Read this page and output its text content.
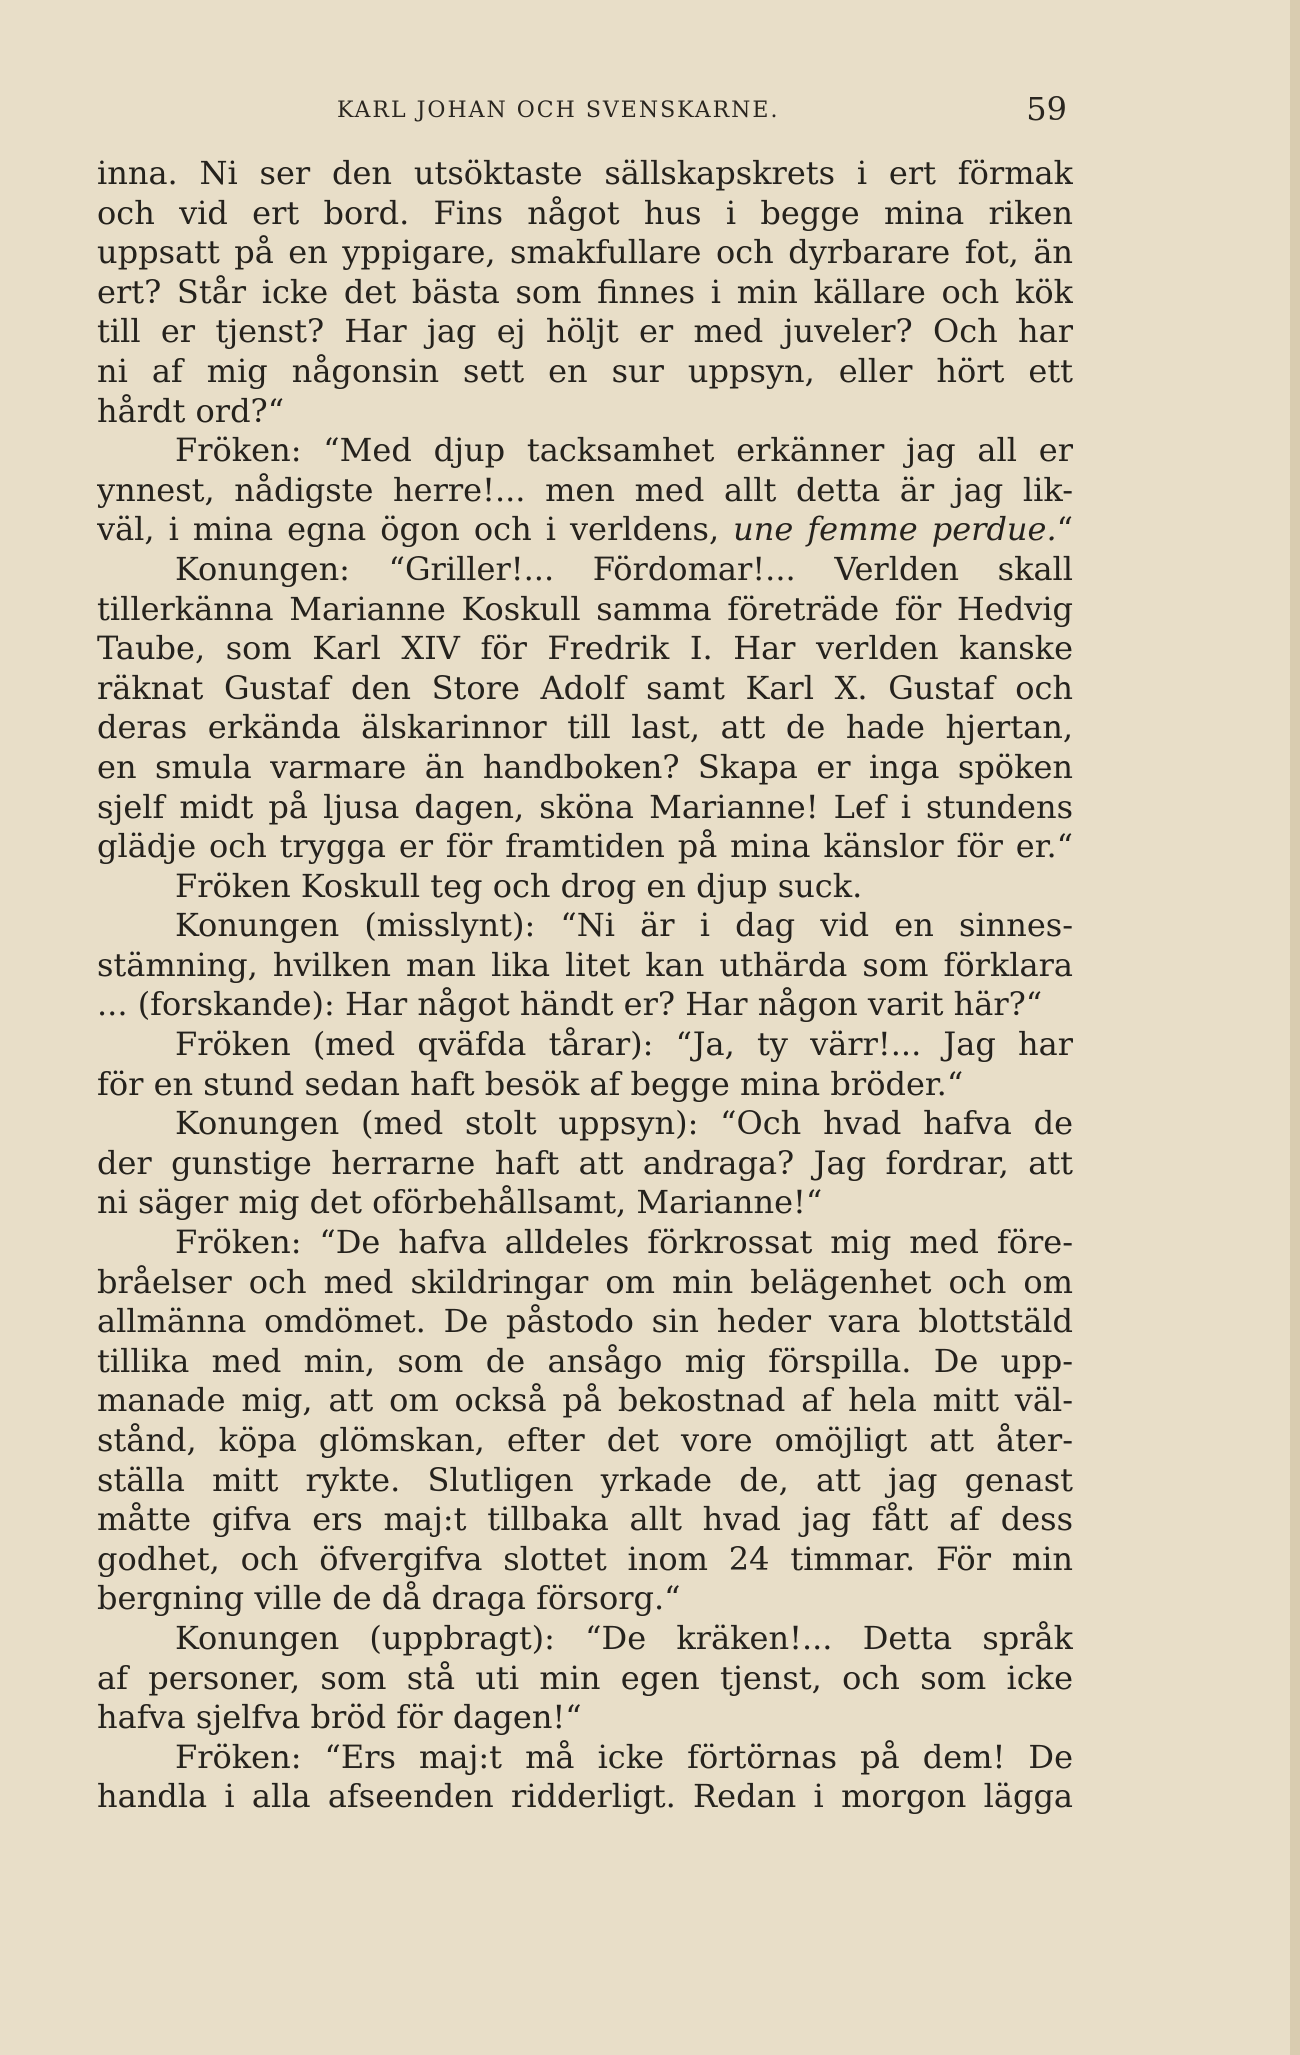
KARL JOHAN OCH SVENSKARNE.	59
inna. Ni ser den utsöktaste sällskapskrets i ert förmak
och vid ert bord. Fins något hus i begge mina riken
uppsatt på en yppigare, smakfullare och dyrbarare fot, än
ert? Står icke det bästa som finnes i min källare och kök
till er tjenst? Har jag ej höljt er med juveler? Och har
ni af mig någonsin sett en sur uppsyn, eller hört ett
hårdt ord?“
Fröken: “Med djup tacksamhet erkänner jag all er
ynnest, nådigste herre!... men med allt detta är jag lik-
väl, i mina egna ögon och i verldens, une femme perdue.“
Konungen: “Griller!... Fördomar!... Verlden skall
tillerkänna Marianne Koskull samma företräde för Hedvig
Taube, som Karl XIV för Fredrik I. Har verlden kanske
räknat Gustaf den Store Adolf samt Karl X. Gustaf och
deras erkända älskarinnor till last, att de hade hjertan,
en smula varmare än handboken? Skapa er inga spöken
sjelf midt på ljusa dagen, sköna Marianne! Lef i stundens
glädje och trygga er för framtiden på mina känslor för er.“
Fröken Koskull teg och drog en djup suck.
Konungen (misslynt): “Ni är i dag vid en sinnes-
stämning, hvilken man lika litet kan uthärda som förklara
... (forskande): Har något händt er? Har någon varit här?“
Fröken (med qväfda tårar): “Ja, ty värr!... Jag har
för en stund sedan haft besök af begge mina bröder.“
Konungen (med stolt uppsyn): “Och hvad hafva de
der gunstige herrarne haft att andraga? Jag fordrar, att
ni säger mig det oförbehållsamt, Marianne!“
Fröken: “De hafva alldeles förkrossat mig med före-
bråelser och med skildringar om min belägenhet och om
allmänna omdömet. De påstodo sin heder vara blottstäld
tillika med min, som de ansågo mig förspilla. De upp-
manade mig, att om också på bekostnad af hela mitt väl-
stånd, köpa glömskan, efter det vore omöjligt att åter-
ställa mitt rykte. Slutligen yrkade de, att jag genast
måtte gifva ers maj:t tillbaka allt hvad jag fått af dess
godhet, och öfvergifva slottet inom 24 timmar. För min
bergning ville de då draga försorg.“
Konungen (uppbragt): “De kräken!... Detta språk
af personer, som stå uti min egen tjenst, och som icke
hafva sjelfva bröd för dagen!“
Fröken: “Ers maj:t må icke förtörnas på dem! De
handla i alla afseenden ridderligt. Redan i morgon lägga
